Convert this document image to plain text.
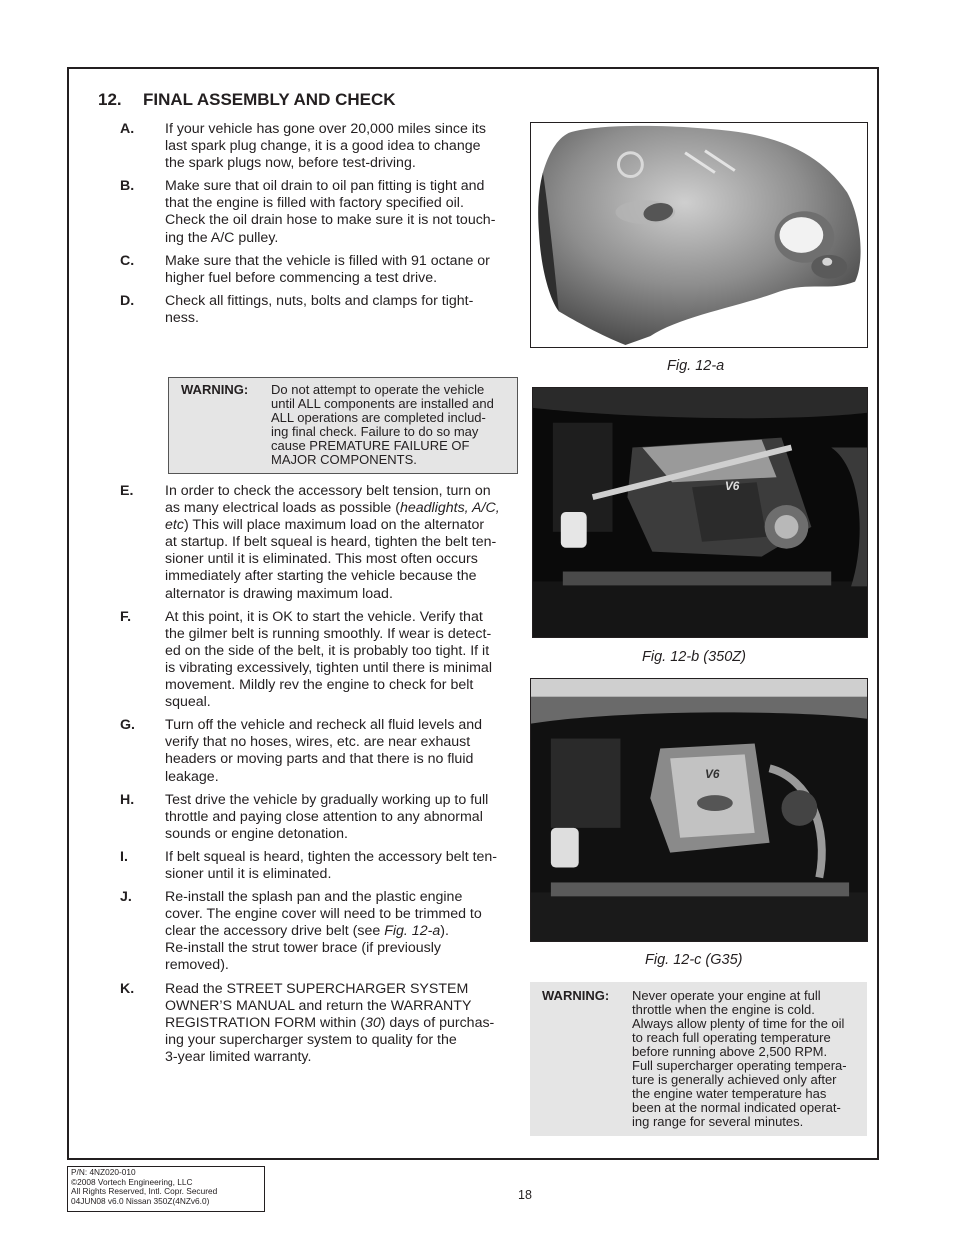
12. FINAL ASSEMBLY AND CHECK
A. If your vehicle has gone over 20,000 miles since its
last spark plug change, it is a good idea to change
the spark plugs now, before test-driving.
B. Make sure that oil drain to oil pan fitting is tight and
that the engine is filled with factory specified oil.
Check the oil drain hose to make sure it is not touch-
ing the A/C pulley.
C. Make sure that the vehicle is filled with 91 octane or
higher fuel before commencing a test drive.
D. Check all fittings, nuts, bolts and clamps for tight-
ness.
WARNING: Do not attempt to operate the vehicle
until ALL components are installed and
ALL operations are completed includ-
ing final check. Failure to do so may
cause PREMATURE FAILURE OF
MAJOR COMPONENTS.
E. In order to check the accessory belt tension, turn on
as many electrical loads as possible (headlights, A/C,
etc) This will place maximum load on the alternator
at startup. If belt squeal is heard, tighten the belt ten-
sioner until it is eliminated. This most often occurs
immediately after starting the vehicle because the
alternator is drawing maximum load.
F. At this point, it is OK to start the vehicle. Verify that
the gilmer belt is running smoothly. If wear is detect-
ed on the side of the belt, it is probably too tight. If it
is vibrating excessively, tighten until there is minimal
movement. Mildly rev the engine to check for belt
squeal.
G. Turn off the vehicle and recheck all fluid levels and
verify that no hoses, wires, etc. are near exhaust
headers or moving parts and that there is no fluid
leakage.
H. Test drive the vehicle by gradually working up to full
throttle and paying close attention to any abnormal
sounds or engine detonation.
I.	If belt squeal is heard, tighten the accessory belt ten-
sioner until it is eliminated.
J. Re-install the splash pan and the plastic engine
cover. The engine cover will need to be trimmed to
clear the accessory drive belt (see Fig. 12-a).
Re-install the strut tower brace (if previously
removed).
K. Read the STREET SUPERCHARGER SYSTEM
OWNER’S MANUAL and return the WARRANTY
REGISTRATION FORM within (30) days of purchas-
ing your supercharger system to quality for the
3-year limited warranty.
Fig. 12-a
V6
Fig. 12-b (350Z)
V6
Fig. 12-c (G35)
WARNING: Never operate your engine at full
throttle when the engine is cold.
Always allow plenty of time for the oil
to reach full operating temperature
before running above 2,500 RPM.
Full supercharger operating tempera-
ture is generally achieved only after
the engine water temperature has
been at the normal indicated operat-
ing range for several minutes.
P/N: 4NZ020-010
©2008 Vortech Engineering, LLC
All Rights Reserved, Intl. Copr. Secured
04JUN08 v6.0 Nissan 350Z(4NZv6.0)	18
